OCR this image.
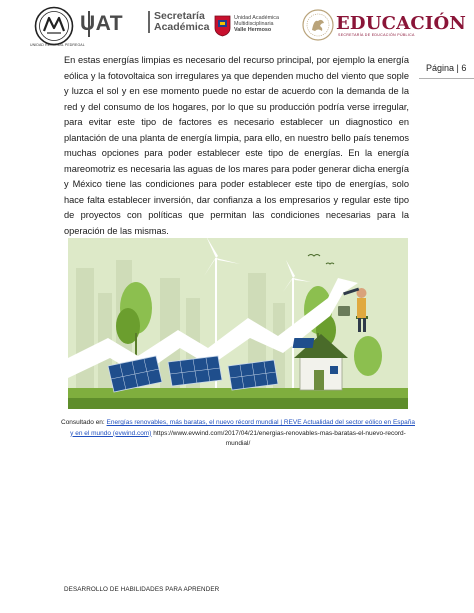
UNIDAD REGIONAL PEDREGAL
UAT	Secretaría
Académica
Unidad Académica
Multidisciplinaria
Valle Hermoso	EDUCACIÓN
SECRETARÍA DE EDUCACIÓN PÚBLICA
Página | 6

En estas energías limpias es necesario del recurso principal, por ejemplo la energía eólica y la fotovoltaica son irregulares ya que dependen mucho del viento que sople y luzca el sol y en ese momento puede no estar de acuerdo con la demanda de la red y del consumo de los hogares, por lo que su producción podría verse irregular, para evitar este tipo de factores es necesario establecer un diagnostico en plantación de una planta de energía limpia, para ello, en nuestro bello país tenemos muchas opciones para poder establecer este tipo de energías. En la energía mareomotriz es necesaria las aguas de los mares para poder generar dicha energía y México tiene las condiciones para poder establecer este tipo de energías, solo hace falta establecer inversión, dar confianza a los empresarios y regular este tipo de proyectos con políticas que permitan las condiciones necesarias para la operación de las mismas.

Consultado en: Energías renovables, más baratas, el nuevo récord mundial | REVE Actualidad del sector eólico en España y en el mundo (evwind.com) https://www.evwind.com/2017/04/21/energias-renovables-mas-baratas-el-nuevo-record-mundial/

DESARROLLO DE HABILIDADES PARA APRENDER
